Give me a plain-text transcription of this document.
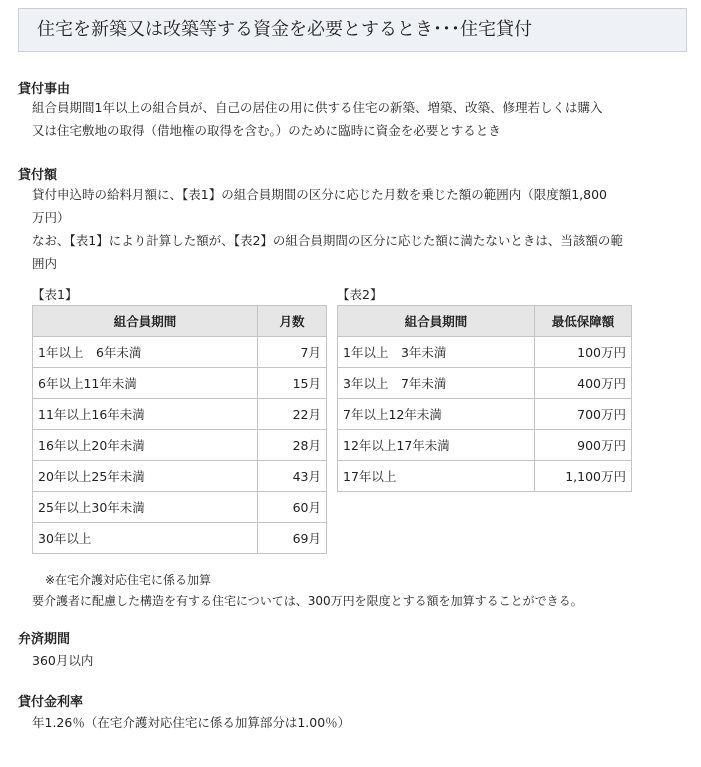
住宅を新築又は改築等する資金を必要とするとき･･･住宅貸付
貸付事由
組合員期間1年以上の組合員が、自己の居住の用に供する住宅の新築、増築、改築、修理若しくは購入
又は住宅敷地の取得（借地権の取得を含む。）のために臨時に資金を必要とするとき
貸付額
貸付申込時の給料月額に、【表1】の組合員期間の区分に応じた月数を乗じた額の範囲内（限度額1,800
万円）
なお、【表1】により計算した額が、【表2】の組合員期間の区分に応じた額に満たないときは、当該額の範
囲内
【表1】	【表2】
組合員期間	月数
1年以上　6年未満	7月
6年以上11年未満	15月
11年以上16年未満	22月
16年以上20年未満	28月
20年以上25年未満	43月
25年以上30年未満	60月
30年以上	69月
組合員期間	最低保障額
1年以上　3年未満	100万円
3年以上　7年未満	400万円
7年以上12年未満	700万円
12年以上17年未満	900万円
17年以上	1,100万円
※在宅介護対応住宅に係る加算
要介護者に配慮した構造を有する住宅については、300万円を限度とする額を加算することができる。
弁済期間
360月以内
貸付金利率
年1.26％（在宅介護対応住宅に係る加算部分は1.00％）
